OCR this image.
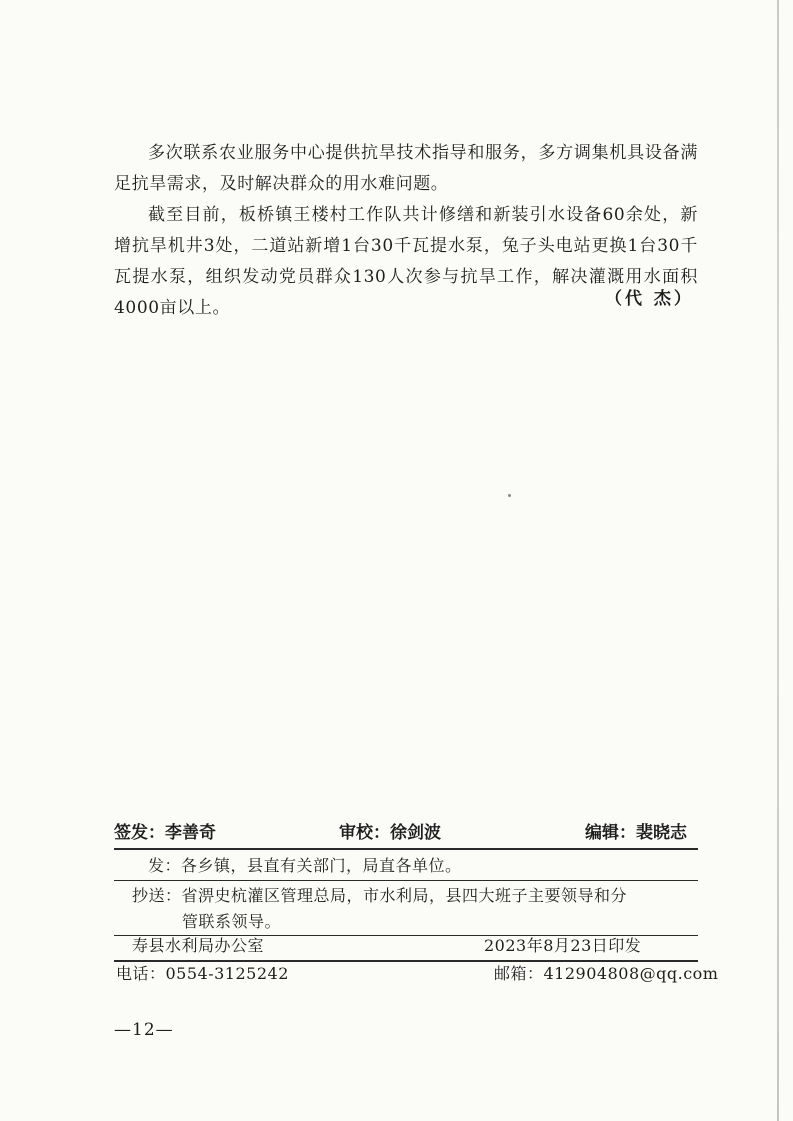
多次联系农业服务中心提供抗旱技术指导和服务，多方调集机具设备满足抗旱需求，及时解决群众的用水难问题。

截至目前，板桥镇王楼村工作队共计修缮和新装引水设备60余处，新增抗旱机井3处，二道站新增1台30千瓦提水泵，兔子头电站更换1台30千瓦提水泵，组织发动党员群众130人次参与抗旱工作，解决灌溉用水面积4000亩以上。	（代 杰）
签发：李善奇	审校：徐剑波	编辑：裴晓志
发：各乡镇，县直有关部门，局直各单位。
抄送：省淠史杭灌区管理总局，市水利局，县四大班子主要领导和分
管联系领导。
寿县水利局办公室	2023年8月23日印发
电话：0554-3125242	邮箱：412904808@qq.com
—12—
